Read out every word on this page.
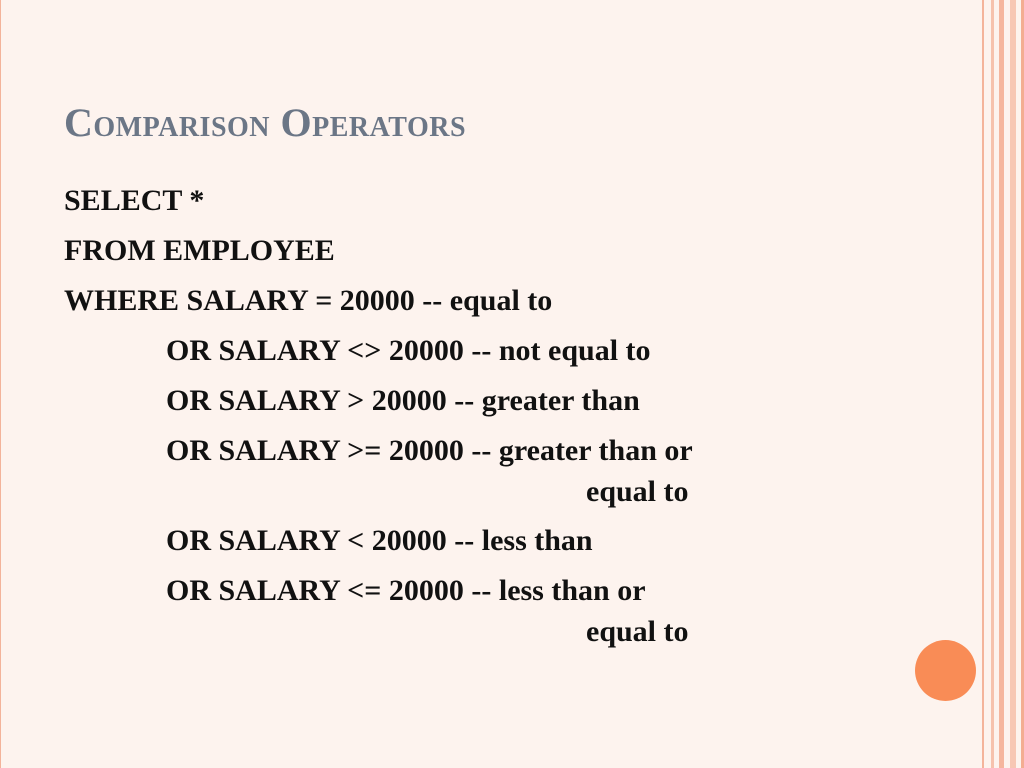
Comparison Operators
SELECT *
FROM EMPLOYEE
WHERE SALARY = 20000 -- equal to
OR SALARY <> 20000 -- not equal to
OR SALARY > 20000 -- greater than
OR SALARY >= 20000 -- greater than or
equal to
OR SALARY < 20000 -- less than
OR SALARY <= 20000 -- less than or
equal to
